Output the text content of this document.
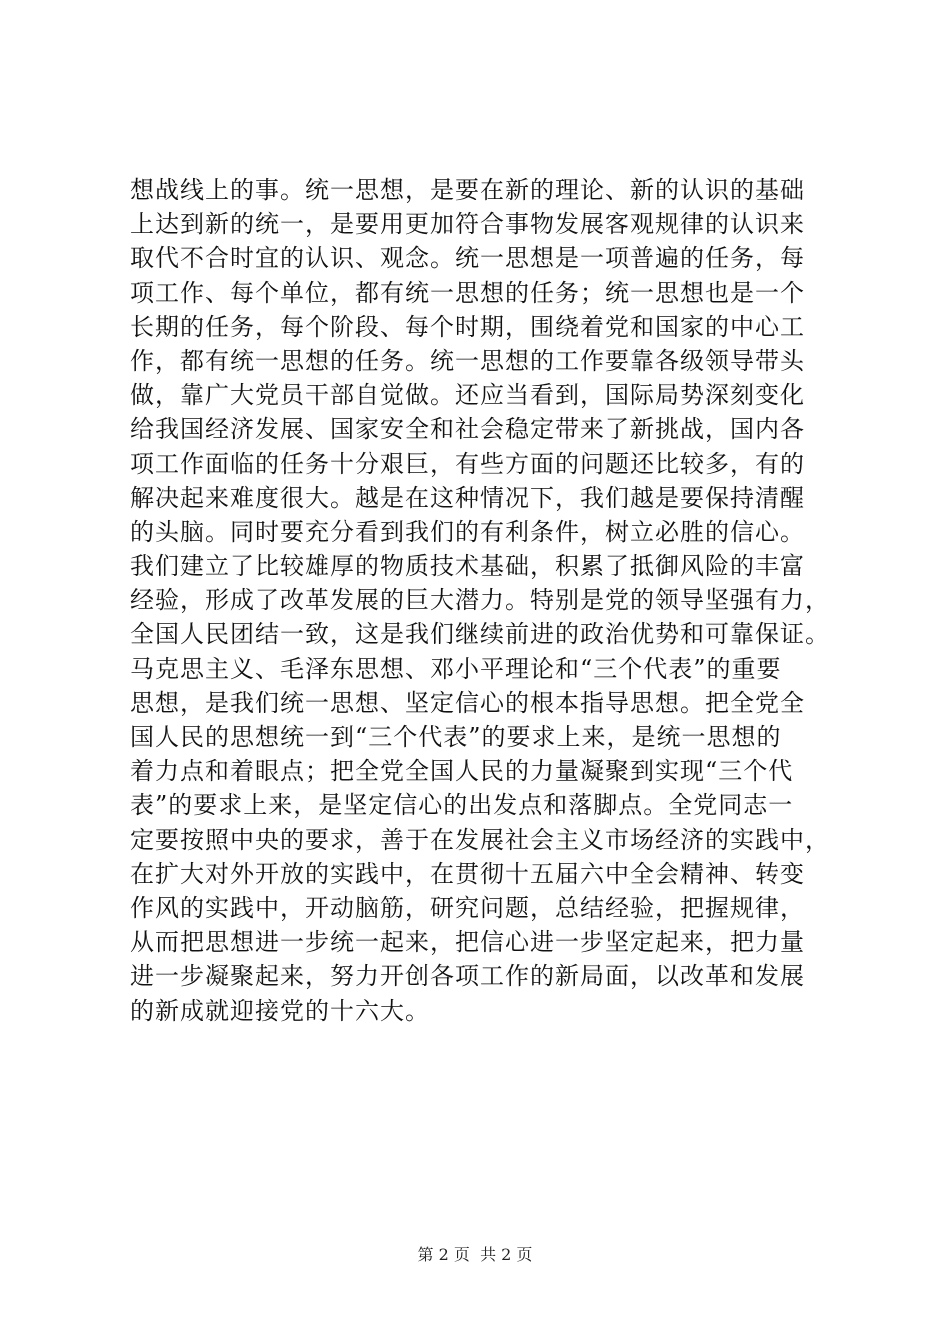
想战线上的事。统一思想，是要在新的理论、新的认识的基础
上达到新的统一，是要用更加符合事物发展客观规律的认识来
取代不合时宜的认识、观念。统一思想是一项普遍的任务，每
项工作、每个单位，都有统一思想的任务；统一思想也是一个
长期的任务，每个阶段、每个时期，围绕着党和国家的中心工
作，都有统一思想的任务。统一思想的工作要靠各级领导带头
做，靠广大党员干部自觉做。还应当看到，国际局势深刻变化
给我国经济发展、国家安全和社会稳定带来了新挑战，国内各
项工作面临的任务十分艰巨，有些方面的问题还比较多，有的
解决起来难度很大。越是在这种情况下，我们越是要保持清醒
的头脑。同时要充分看到我们的有利条件，树立必胜的信心。
我们建立了比较雄厚的物质技术基础，积累了抵御风险的丰富
经验，形成了改革发展的巨大潜力。特别是党的领导坚强有力，
全国人民团结一致，这是我们继续前进的政治优势和可靠保证。
马克思主义、毛泽东思想、邓小平理论和“三个代表”的重要
思想，是我们统一思想、坚定信心的根本指导思想。把全党全
国人民的思想统一到“三个代表”的要求上来，是统一思想的
着力点和着眼点；把全党全国人民的力量凝聚到实现“三个代
表”的要求上来，是坚定信心的出发点和落脚点。全党同志一
定要按照中央的要求，善于在发展社会主义市场经济的实践中，
在扩大对外开放的实践中，在贯彻十五届六中全会精神、转变
作风的实践中，开动脑筋，研究问题，总结经验，把握规律，
从而把思想进一步统一起来，把信心进一步坚定起来，把力量
进一步凝聚起来，努力开创各项工作的新局面，以改革和发展
的新成就迎接党的十六大。
第 2 页  共 2 页
